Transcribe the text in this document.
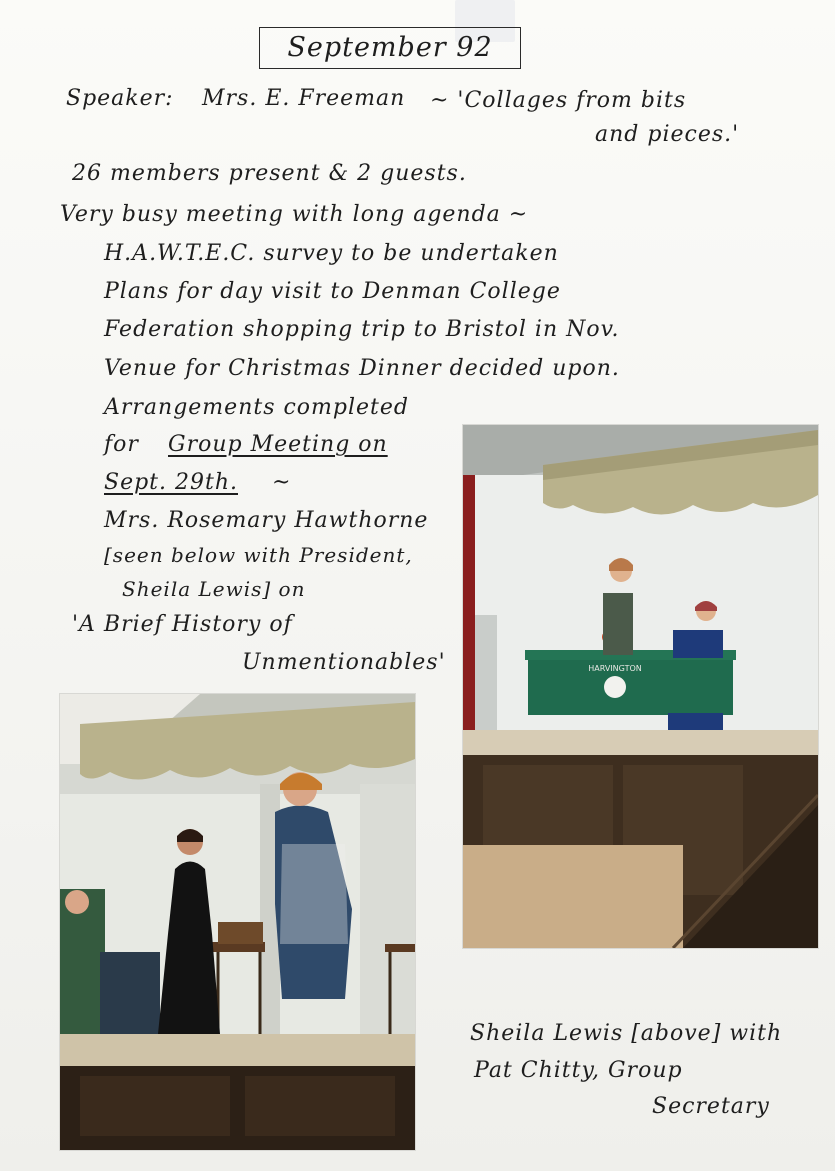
September 92
Speaker: Mrs. E. Freeman ~ 'Collages from bits
and pieces.'
26 members present & 2 guests.
Very busy meeting with long agenda ~
H.A.W.T.E.C. survey to be undertaken
Plans for day visit to Denman College
Federation shopping trip to Bristol in Nov.
Venue for Christmas Dinner decided upon.
Arrangements completed
for Group Meeting on
Sept. 29th. ~
Mrs. Rosemary Hawthorne
[seen below with President,
Sheila Lewis] on
'A Brief History of
Unmentionables'	HARVINGTON
Sheila Lewis [above] with
Pat Chitty, Group
Secretary
